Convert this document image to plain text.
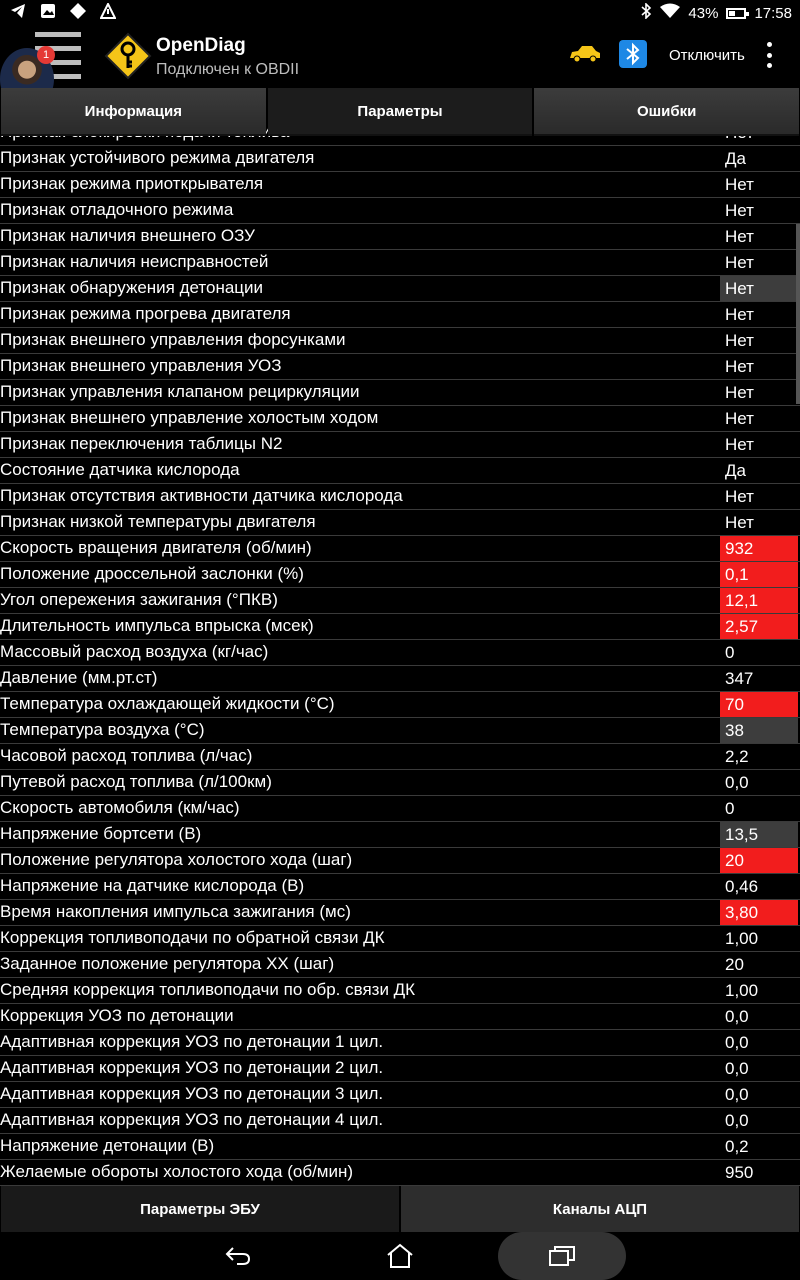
43% 17:58
1	OpenDiag
Подключен к OBDII
Отключить
Признак устойчивого режима двигателя	Да
Признак режима приоткрывателя	Нет
Признак отладочного режима	Нет
Признак наличия внешнего ОЗУ	Нет
Признак наличия неисправностей	Нет
Признак обнаружения детонации	Нет
Признак режима прогрева двигателя	Нет
Признак внешнего управления форсунками	Нет
Признак внешнего управления УОЗ	Нет
Признак управления клапаном рециркуляции	Нет
Признак внешнего управление холостым ходом	Нет
Признак переключения таблицы N2	Нет
Состояние датчика кислорода	Да
Признак отсутствия активности датчика кислорода	Нет
Признак низкой температуры двигателя	Нет
Скорость вращения двигателя (об/мин)	932
Положение дроссельной заслонки (%)	0,1
Угол опережения зажигания (°ПКВ)	12,1
Длительность импульса впрыска (мсек)	2,57
Массовый расход воздуха (кг/час)	0
Давление (мм.рт.ст)	347
Температура охлаждающей жидкости (°C)	70
Температура воздуха (°C)	38
Часовой расход топлива (л/час)	2,2
Путевой расход топлива (л/100км)	0,0
Скорость автомобиля (км/час)	0
Напряжение бортсети (В)	13,5
Положение регулятора холостого хода (шаг)	20
Напряжение на датчике кислорода (В)	0,46
Время накопления импульса зажигания (мс)	3,80
Коррекция топливоподачи по обратной связи ДК	1,00
Заданное положение регулятора XX (шаг)	20
Средняя коррекция топливоподачи по обр. связи ДК	1,00
Коррекция УОЗ по детонации	0,0
Адаптивная коррекция УОЗ по детонации 1 цил.	0,0
Адаптивная коррекция УОЗ по детонации 2 цил.	0,0
Адаптивная коррекция УОЗ по детонации 3 цил.	0,0
Адаптивная коррекция УОЗ по детонации 4 цил.	0,0
Напряжение детонации (В)	0,2
Желаемые обороты холостого хода (об/мин)	950
Информация	Параметры	Ошибки
Параметры ЭБУ	Каналы АЦП
